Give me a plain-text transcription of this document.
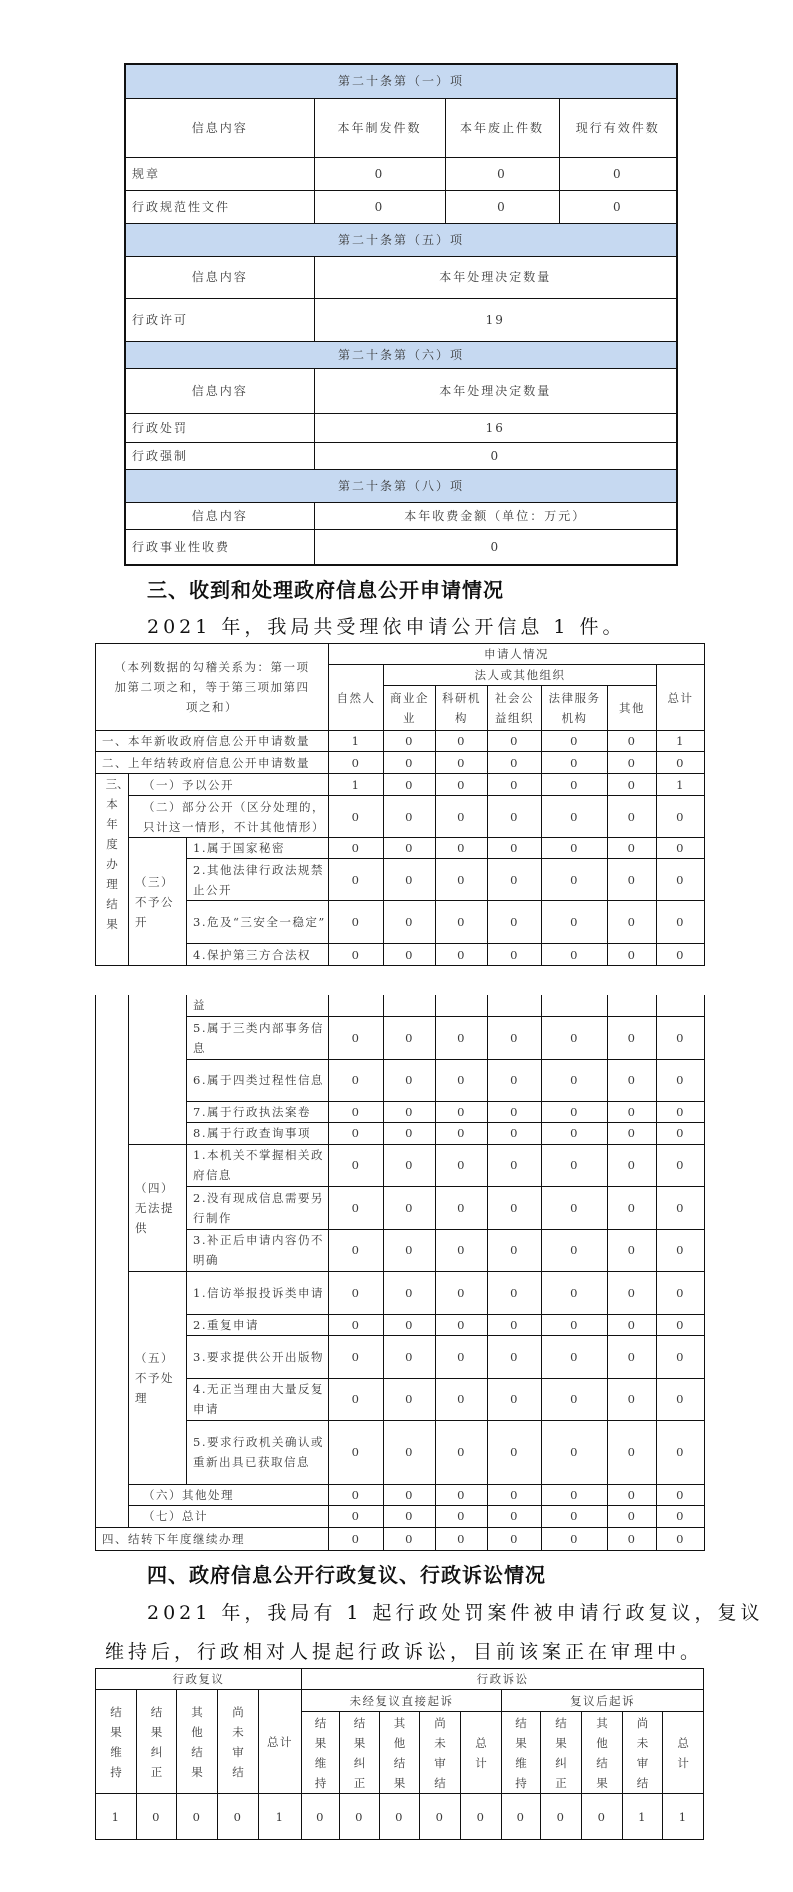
第二十条第（一）项			
信息内容	本年制发件数	本年废止件数	现行有效件数
规章	0	0	0
行政规范性文件	0	0	0
第二十条第（五）项			
信息内容	本年处理决定数量		
行政许可	19		
第二十条第（六）项			
信息内容	本年处理决定数量		
行政处罚	16		
行政强制	0		
第二十条第（八）项			
信息内容	本年收费金额（单位：万元）		
行政事业性收费	0		
三、收到和处理政府信息公开申请情况
2021 年，我局共受理依申请公开信息 1 件。
（本列数据的勾稽关系为：第一项加第二项之和，等于第三项加第四项之和）			申请人情况						
			自然人	法人或其他组织					总计
				商业企业	科研机构	社会公益组织	法律服务机构	其他	
一、本年新收政府信息公开申请数量			1	0	0	0	0	0	1
二、上年结转政府信息公开申请数量			0	0	0	0	0	0	0

三、本年度办理结果	（一）予以公开		1	0	0	0	0	0	1
	（二）部分公开（区分处理的，只计这一情形，不计其他情形）		0	0	0	0	0	0	0
	（三）不予公开	1.属于国家秘密	0	0	0	0	0	0	0
		2.其他法律行政法规禁止公开	0	0	0	0	0	0	0
		3.危及“三安全一稳定”	0	0	0	0	0	0	0
		4.保护第三方合法权	0	0	0	0	0	0	0
		益							
		5.属于三类内部事务信息	0	0	0	0	0	0	0
		6.属于四类过程性信息	0	0	0	0	0	0	0
		7.属于行政执法案卷	0	0	0	0	0	0	0
		8.属于行政查询事项	0	0	0	0	0	0	0
	（四）无法提供	1.本机关不掌握相关政府信息	0	0	0	0	0	0	0
		2.没有现成信息需要另行制作	0	0	0	0	0	0	0
		3.补正后申请内容仍不明确	0	0	0	0	0	0	0
	（五）不予处理	1.信访举报投诉类申请	0	0	0	0	0	0	0
		2.重复申请	0	0	0	0	0	0	0
		3.要求提供公开出版物	0	0	0	0	0	0	0
		4.无正当理由大量反复申请	0	0	0	0	0	0	0
		5.要求行政机关确认或重新出具已获取信息	0	0	0	0	0	0	0
	（六）其他处理		0	0	0	0	0	0	0
	（七）总计		0	0	0	0	0	0	0
四、结转下年度继续办理			0	0	0	0	0	0	0
四、政府信息公开行政复议、行政诉讼情况
2021 年，我局有 1 起行政处罚案件被申请行政复议，复议
维持后，行政相对人提起行政诉讼，目前该案正在审理中。
行政复议					行政诉讼									

结果维持	结果纠正	其他结果	尚未审结	总计	未经复议直接起诉					复议后起诉				

					结果维持	结果纠正	其他结果	尚未审结	总计	结果维持	结果纠正	其他结果	尚未审结	总计

1	0	0	0	1	0	0	0	0	0	0	0	0	1	1
